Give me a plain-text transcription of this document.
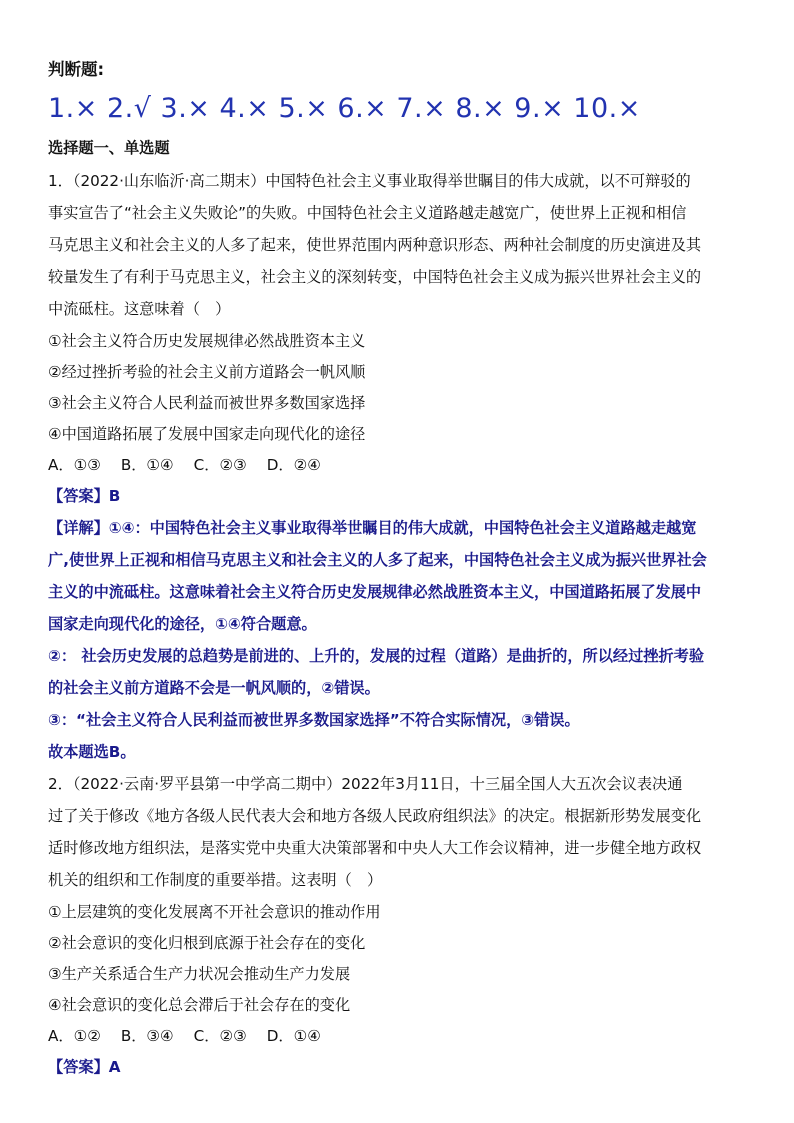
判断题:
1.× 2.√ 3.× 4.× 5.× 6.× 7.× 8.× 9.× 10.×
选择题一、单选题
1．（2022·山东临沂·高二期末）中国特色社会主义事业取得举世瞩目的伟大成就，以不可辩驳的
事实宣告了“社会主义失败论”的失败。中国特色社会主义道路越走越宽广，使世界上正视和相信
马克思主义和社会主义的人多了起来，使世界范围内两种意识形态、两种社会制度的历史演进及其
较量发生了有利于马克思主义，社会主义的深刻转变，中国特色社会主义成为振兴世界社会主义的
中流砥柱。这意味着（　）
①社会主义符合历史发展规律必然战胜资本主义
②经过挫折考验的社会主义前方道路会一帆风顺
③社会主义符合人民利益而被世界多数国家选择
④中国道路拓展了发展中国家走向现代化的途径
A．①③　 B．①④　 C．②③　 D．②④
【答案】B
【详解】①④：中国特色社会主义事业取得举世瞩目的伟大成就，中国特色社会主义道路越走越宽
广,使世界上正视和相信马克思主义和社会主义的人多了起来，中国特色社会主义成为振兴世界社会
主义的中流砥柱。这意味着社会主义符合历史发展规律必然战胜资本主义，中国道路拓展了发展中
国家走向现代化的途径，①④符合题意。
②： 社会历史发展的总趋势是前进的、上升的，发展的过程（道路）是曲折的，所以经过挫折考验
的社会主义前方道路不会是一帆风顺的，②错误。
③：“社会主义符合人民利益而被世界多数国家选择”不符合实际情况，③错误。
故本题选B。
2．（2022·云南·罗平县第一中学高二期中）2022年3月11日，十三届全国人大五次会议表决通
过了关于修改《地方各级人民代表大会和地方各级人民政府组织法》的决定。根据新形势发展变化
适时修改地方组织法，是落实党中央重大决策部署和中央人大工作会议精神，进一步健全地方政权
机关的组织和工作制度的重要举措。这表明（　）
①上层建筑的变化发展离不开社会意识的推动作用
②社会意识的变化归根到底源于社会存在的变化
③生产关系适合生产力状况会推动生产力发展
④社会意识的变化总会滞后于社会存在的变化
A．①②　 B．③④　 C．②③　 D．①④
【答案】A
